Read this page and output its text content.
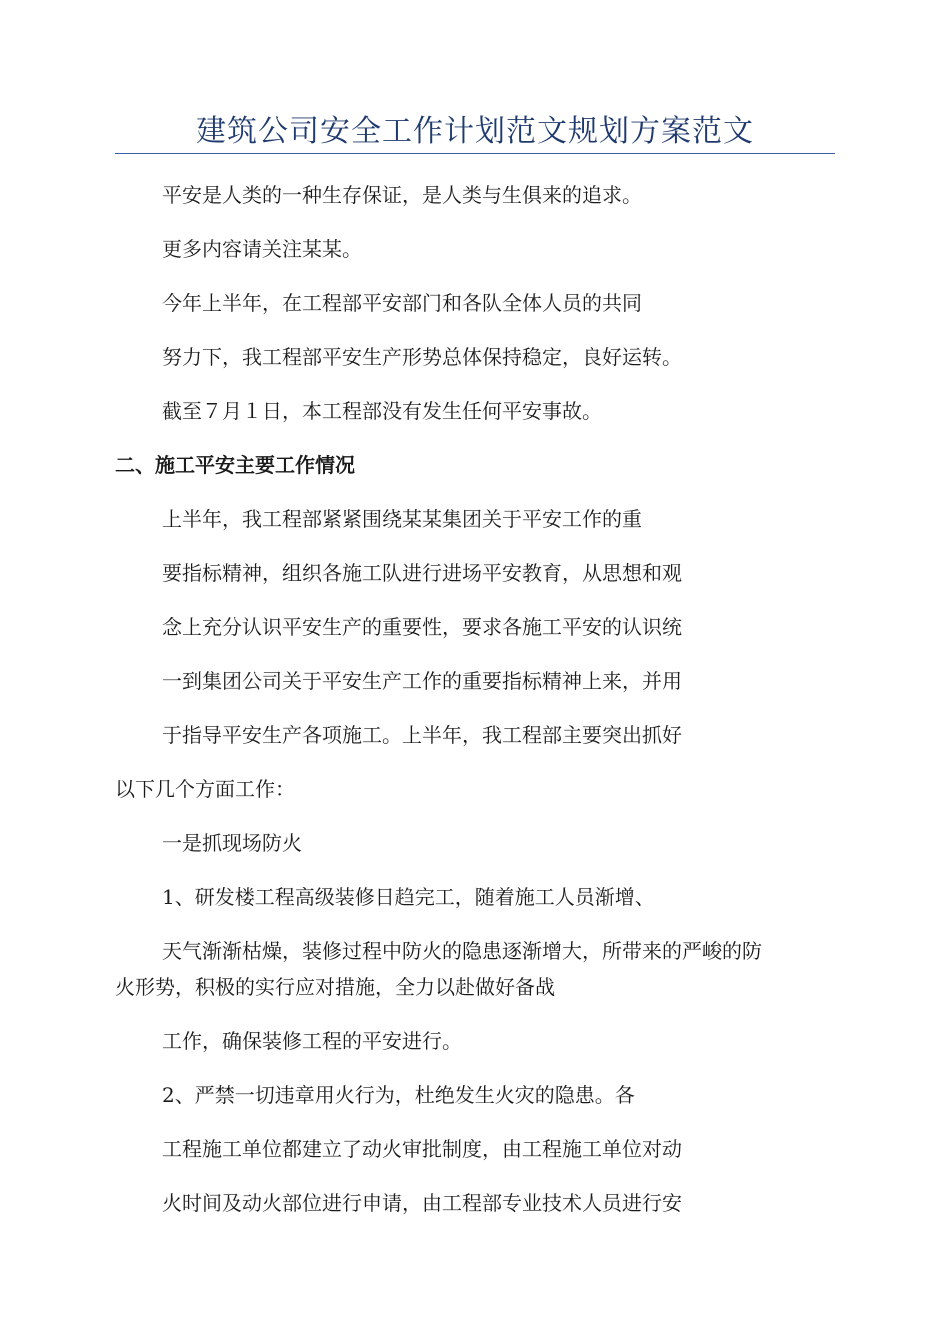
建筑公司安全工作计划范文规划方案范文
平安是人类的一种生存保证，是人类与生俱来的追求。
更多内容请关注某某。
今年上半年，在工程部平安部门和各队全体人员的共同
努力下，我工程部平安生产形势总体保持稳定，良好运转。
截至７月１日，本工程部没有发生任何平安事故。
二、施工平安主要工作情况
上半年，我工程部紧紧围绕某某集团关于平安工作的重
要指标精神，组织各施工队进行进场平安教育，从思想和观
念上充分认识平安生产的重要性，要求各施工平安的认识统
一到集团公司关于平安生产工作的重要指标精神上来，并用
于指导平安生产各项施工。上半年，我工程部主要突出抓好
以下几个方面工作：
一是抓现场防火
1、研发楼工程高级装修日趋完工，随着施工人员渐增、
天气渐渐枯燥，装修过程中防火的隐患逐渐增大，所带来的严峻的防
火形势，积极的实行应对措施，全力以赴做好备战
工作，确保装修工程的平安进行。
2、严禁一切违章用火行为，杜绝发生火灾的隐患。各
工程施工单位都建立了动火审批制度，由工程施工单位对动
火时间及动火部位进行申请，由工程部专业技术人员进行安
